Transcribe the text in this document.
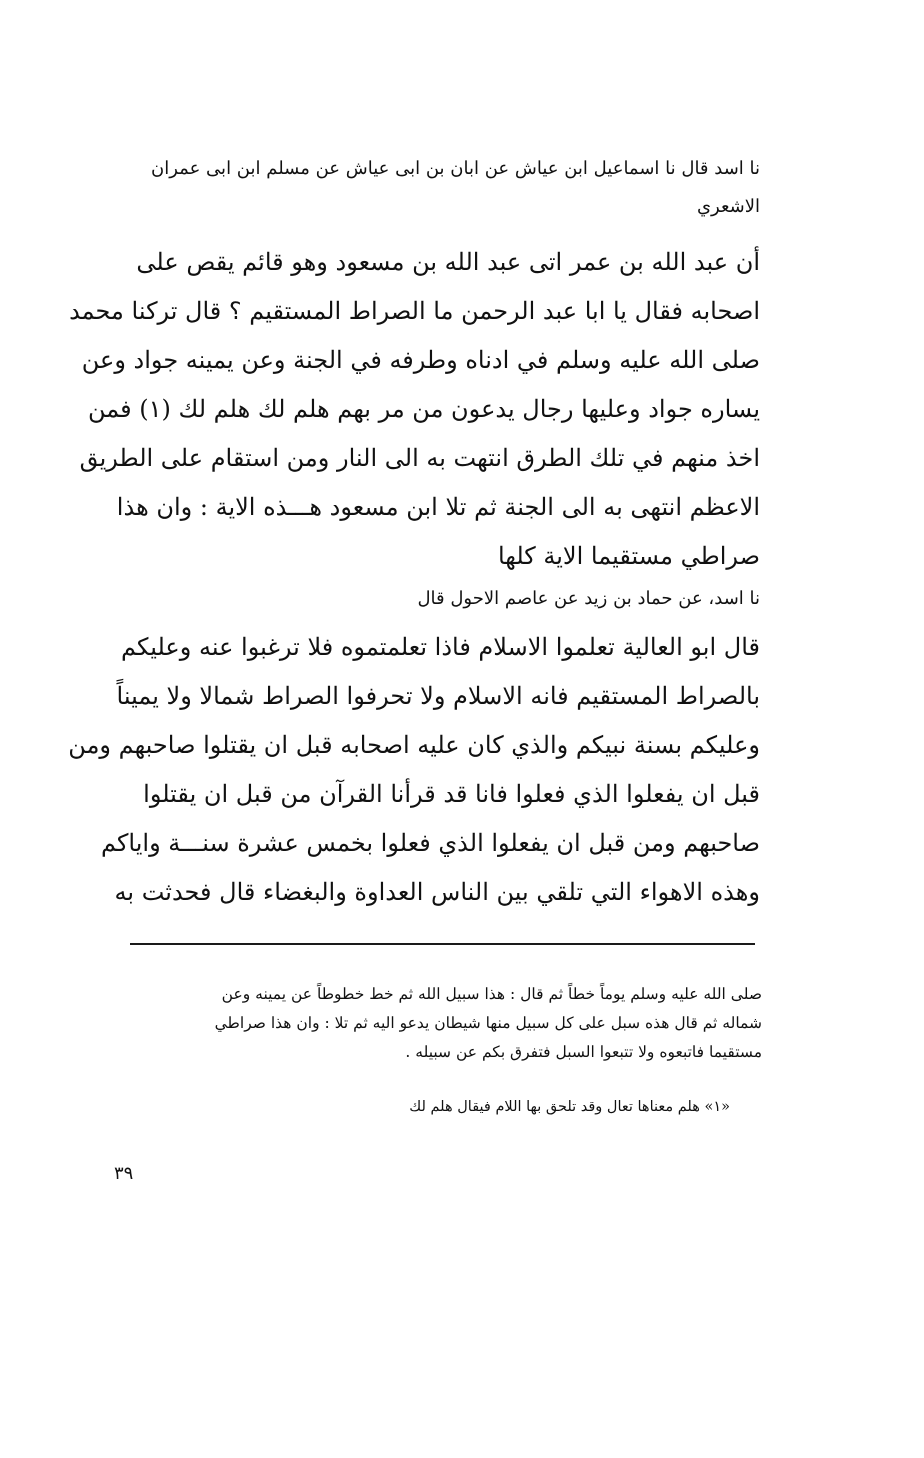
نا اسد قال نا اسماعيل ابن عياش عن ابان بن ابى عياش عن مسلم ابن ابى عمران
الاشعري
أن عبد الله بن عمر اتى عبد الله بن مسعود وهو قائم يقص على
اصحابه فقال يا ابا عبد الرحمن ما الصراط المستقيم ؟ قال تركنا محمد
صلى الله عليه وسلم في ادناه وطرفه في الجنة وعن يمينه جواد وعن
يساره جواد وعليها رجال يدعون من مر بهم هلم لك هلم لك (١) فمن
اخذ منهم في تلك الطرق انتهت به الى النار ومن استقام على الطريق
الاعظم انتهى به الى الجنة ثم تلا ابن مسعود هـــذه الاية : وان هذا
صراطي مستقيما الاية كلها
نا اسد، عن حماد بن زيد عن عاصم الاحول قال
قال ابو العالية تعلموا الاسلام فاذا تعلمتموه فلا ترغبوا عنه وعليكم
بالصراط المستقيم فانه الاسلام ولا تحرفوا الصراط شمالا ولا يميناً
وعليكم بسنة نبيكم والذي كان عليه اصحابه قبل ان يقتلوا صاحبهم ومن
قبل ان يفعلوا الذي فعلوا فانا قد قرأنا القرآن من قبل ان يقتلوا
صاحبهم ومن قبل ان يفعلوا الذي فعلوا بخمس عشرة سنـــة واياكم
وهذه الاهواء التي تلقي بين الناس العداوة والبغضاء قال فحدثت به
صلى الله عليه وسلم يوماً خطاً ثم قال : هذا سبيل الله ثم خط خطوطاً عن يمينه وعن
شماله ثم قال هذه سبل على كل سبيل منها شيطان يدعو اليه ثم تلا : وان هذا صراطي
مستقيما فاتبعوه ولا تتبعوا السبل فتفرق بكم عن سبيله .
«١» هلم معناها تعال وقد تلحق بها اللام فيقال هلم لك
٣٩
